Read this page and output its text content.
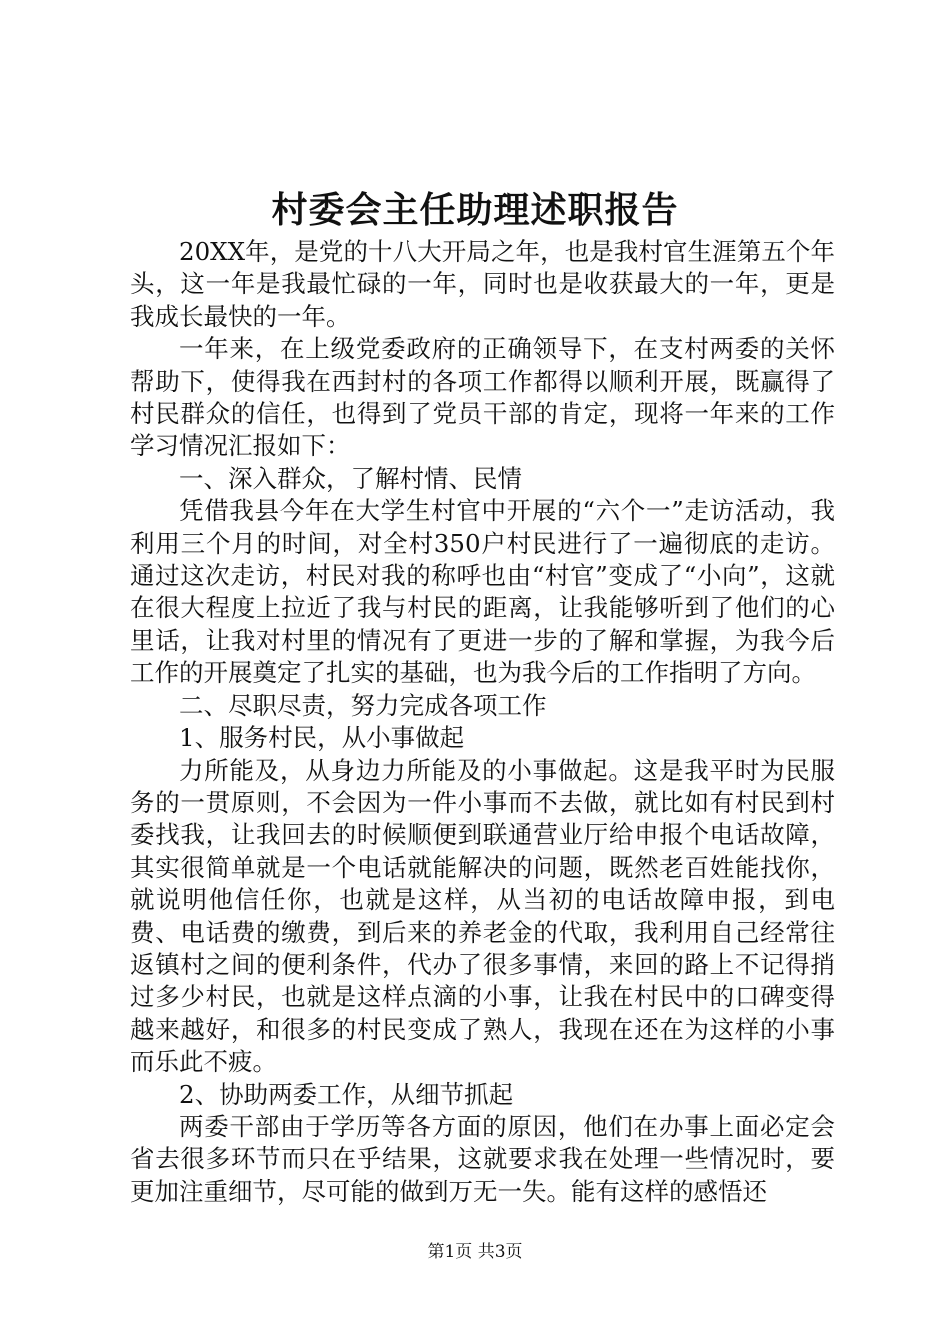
村委会主任助理述职报告

20XX年，是党的十八大开局之年，也是我村官生涯第五个年头，这一年是我最忙碌的一年，同时也是收获最大的一年，更是我成长最快的一年。

一年来，在上级党委政府的正确领导下，在支村两委的关怀帮助下，使得我在西封村的各项工作都得以顺利开展，既赢得了村民群众的信任，也得到了党员干部的肯定，现将一年来的工作学习情况汇报如下：

一、深入群众，了解村情、民情

凭借我县今年在大学生村官中开展的“六个一”走访活动，我利用三个月的时间，对全村350户村民进行了一遍彻底的走访。通过这次走访，村民对我的称呼也由“村官”变成了“小向”，这就在很大程度上拉近了我与村民的距离，让我能够听到了他们的心里话，让我对村里的情况有了更进一步的了解和掌握，为我今后工作的开展奠定了扎实的基础，也为我今后的工作指明了方向。

二、尽职尽责，努力完成各项工作

1、服务村民，从小事做起

力所能及，从身边力所能及的小事做起。这是我平时为民服务的一贯原则，不会因为一件小事而不去做，就比如有村民到村委找我，让我回去的时候顺便到联通营业厅给申报个电话故障，其实很简单就是一个电话就能解决的问题，既然老百姓能找你，就说明他信任你，也就是这样，从当初的电话故障申报，到电费、电话费的缴费，到后来的养老金的代取，我利用自己经常往返镇村之间的便利条件，代办了很多事情，来回的路上不记得捎过多少村民，也就是这样点滴的小事，让我在村民中的口碑变得越来越好，和很多的村民变成了熟人，我现在还在为这样的小事而乐此不疲。

2、协助两委工作，从细节抓起

两委干部由于学历等各方面的原因，他们在办事上面必定会省去很多环节而只在乎结果，这就要求我在处理一些情况时，要更加注重细节，尽可能的做到万无一失。能有这样的感悟还

第1页 共3页
